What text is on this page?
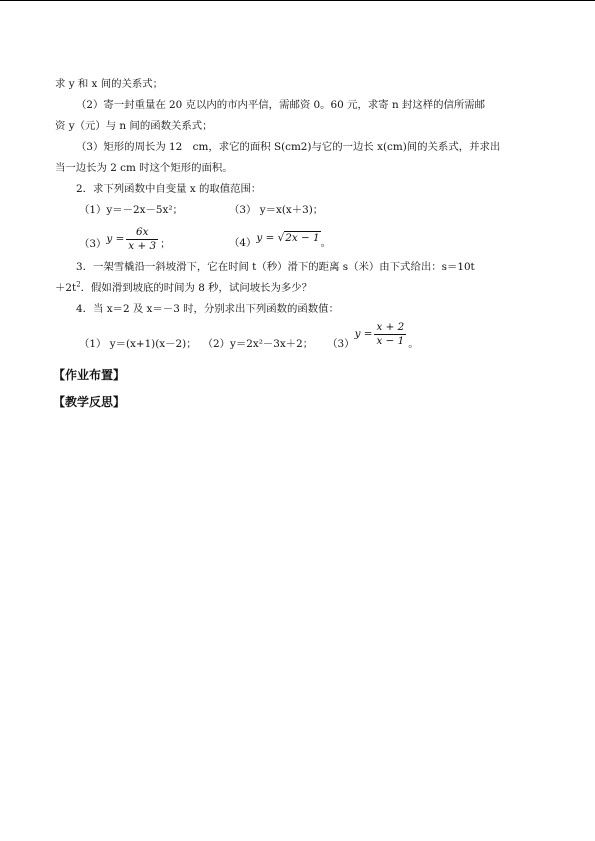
求 y 和 x 间的关系式；
（2）寄一封重量在 20 克以内的市内平信，需邮资 0。60 元，求寄 n 封这样的信所需邮
资 y（元）与 n 间的函数关系式；
（3）矩形的周长为 12　cm，求它的面积 S(cm2)与它的一边长 x(cm)间的关系式，并求出
当一边长为 2 cm 时这个矩形的面积。
2．求下列函数中自变量 x 的取值范围：
（1）y＝－2x－5x²；	（3） y＝x(x＋3)；
（3） $y = \frac{6x}{x + 3}$ ；	（4）y = √2x − 1。
3．一架雪橇沿一斜坡滑下，它在时间 t（秒）滑下的距离 s（米）由下式给出：s＝10t
$+2t^2$．假如滑到坡底的时间为 8 秒，试问坡长为多少？
4．当 x＝2 及 x＝－3 时，分别求出下列函数的函数值：
（1） y＝(x+1)(x－2)； （2）y＝2x²－3x＋2； （3）
$y = \frac{x + 2}{x - 1}$ 。
【作业布置】
【教学反思】
